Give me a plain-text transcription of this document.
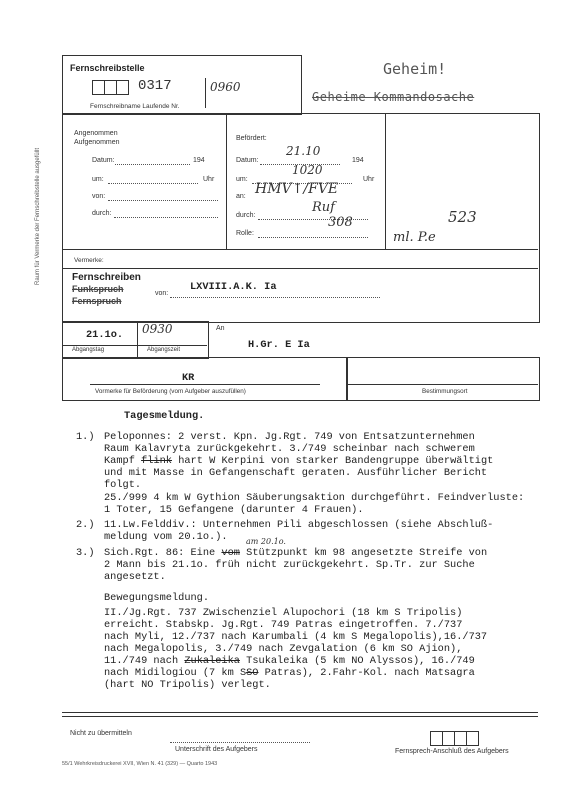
Raum für Vermerke der Fernschreibstelle ausgefüllt
Fernschreibstelle
0317	0960
Fernschreibname Laufende Nr.
Geheim!
Geheime Kommandosache
Angenommen
Aufgenommen
Datum:	194
um:	Uhr
von:
durch:
Befördert:
Datum:
21.10
194
um:
1020
Uhr
an: HMV↑/FVE
durch:
Ruf
Rolle:
308	523
ml. P.e
Vermerke:
Fernschreiben
Funkspruch
Fernspruch
von:
LXVIII.A.K. Ia
21.1o. 0930
Abgangstag	Abgangszeit
An
H.Gr. E Ia
KR
Vormerke für Beförderung (vom Aufgeber auszufüllen)	Bestimmungsort
Tagesmeldung.
1.) Peloponnes: 2 verst. Kpn. Jg.Rgt. 749 von Entsatzunternehmen

Raum Kalavryta zurückgekehrt. 3./749 scheinbar nach schwerem

Kampf flink hart W Kerpini von starker Bandengruppe überwältigt

und mit Masse in Gefangenschaft geraten. Ausführlicher Bericht

folgt.

25./999 4 km W Gythion Säuberungsaktion durchgeführt. Feindverluste:

1 Toter, 15 Gefangene (darunter 4 Frauen).

2.) 11.Lw.Felddiv.: Unternehmen Pili abgeschlossen (siehe Abschluß-

meldung vom 20.1o.).	am 20.1o.
3.) Sich.Rgt. 86: Eine vom Stützpunkt km 98 angesetzte Streife von

2 Mann bis 21.1o. früh nicht zurückgekehrt. Sp.Tr. zur Suche

angesetzt.

Bewegungsmeldung.

II./Jg.Rgt. 737 Zwischenziel Alupochori (18 km S Tripolis)

erreicht. Stabskp. Jg.Rgt. 749 Patras eingetroffen. 7./737

nach Myli, 12./737 nach Karumbali (4 km S Megalopolis),16./737

nach Megalopolis, 3./749 nach Zevgalation (6 km SO Ajion),

11./749 nach Zukaleika Tsukaleika (5 km NO Alyssos), 16./749

nach Midilogiou (7 km SSO Patras), 2.Fahr-Kol. nach Matsagra

(hart NO Tripolis) verlegt.

Nicht zu übermitteln
Unterschrift des Aufgebers	Fernsprech-Anschluß des Aufgebers
55/1 Wehrkreisdruckerei XVII, Wien N. 41 (329) — Quarto 1943
